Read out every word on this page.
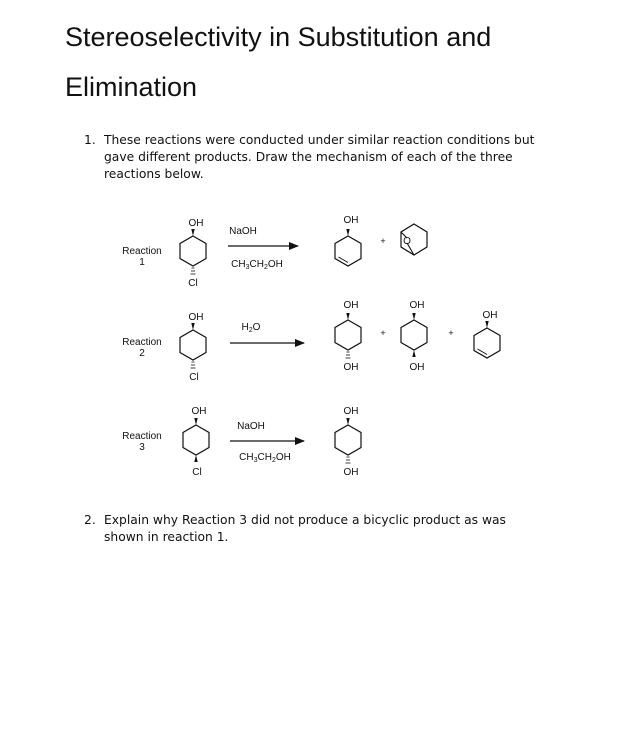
Stereoselectivity in Substitution and
Elimination
1. These reactions were conducted under similar reaction conditions but
gave different products. Draw the mechanism of each of the three
reactions below.
Reaction
1
OH
Cl
NaOH
$CH_3CH_2OH$
OH
+ O
Reaction
2
OH
Cl
$H_2O$
OH
OH
+
OH
OH
+
OH
Reaction
3
OH
Cl
NaOH
$CH_3CH_2OH$
OH
OH
2. Explain why Reaction 3 did not produce a bicyclic product as was
shown in reaction 1.
